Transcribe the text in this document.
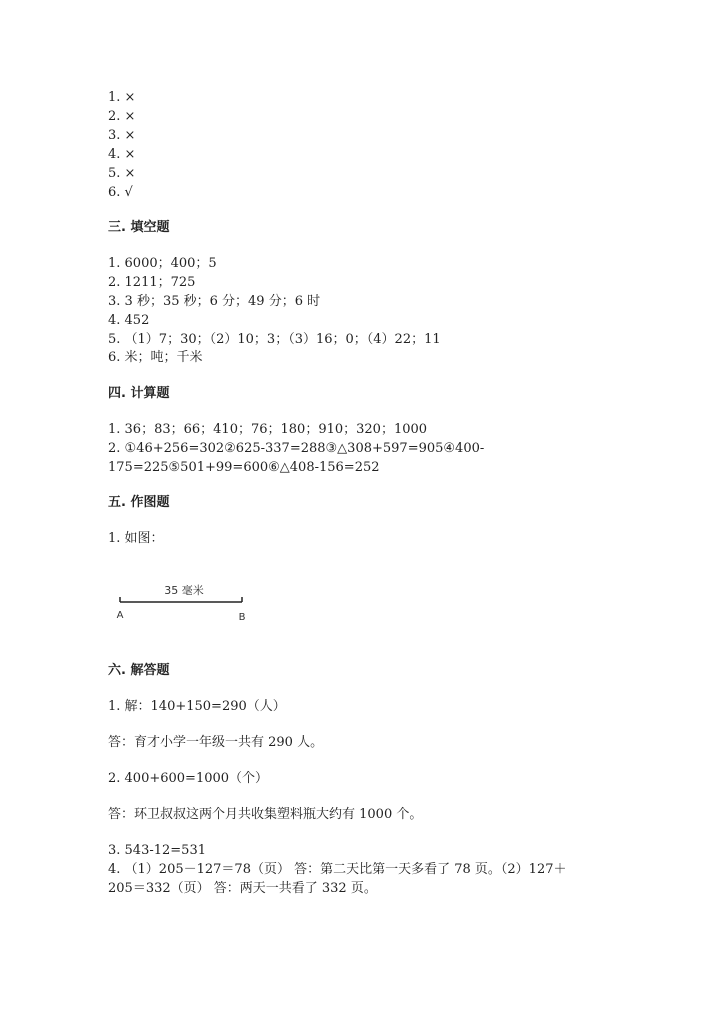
1. ×
2. ×
3. ×
4. ×
5. ×
6. √
三. 填空题
1. 6000；400；5
2. 1211；725
3. 3 秒；35 秒；6 分；49 分；6 时
4. 452
5. （1）7；30；（2）10；3；（3）16；0；（4）22；11
6. 米；吨；千米
四. 计算题
1. 36；83；66；410；76；180；910；320；1000
2. ①46+256=302②625-337=288③△308+597=905④400-
175=225⑤501+99=600⑥△408-156=252
五. 作图题
1. 如图：
35 毫米
A	B
六. 解答题
1. 解：140+150=290（人）
答：育才小学一年级一共有 290 人。
2. 400+600=1000（个）
答：环卫叔叔这两个月共收集塑料瓶大约有 1000 个。
3. 543-12=531
4. （1）205－127＝78（页） 答：第二天比第一天多看了 78 页。（2）127＋
205＝332（页） 答：两天一共看了 332 页。
